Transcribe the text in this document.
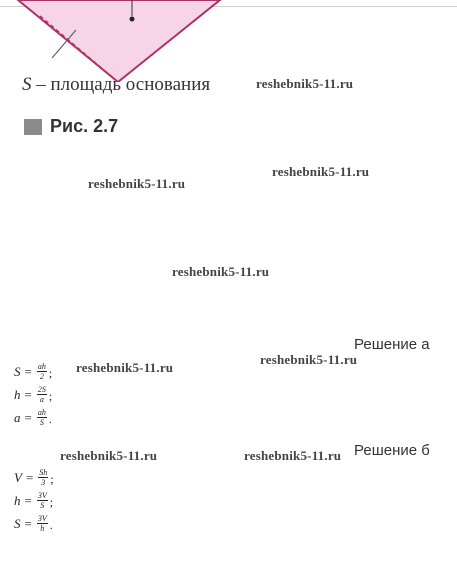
S – площадь основания
Рис. 2.7
reshebnik5-11.ru
reshebnik5-11.ru
reshebnik5-11.ru
reshebnik5-11.ru
reshebnik5-11.ru
reshebnik5-11.ru
reshebnik5-11.ru	reshebnik5-11.ru
Решение а
$S = \frac{ah}{2}$ ;
$h = \frac{2S}{a}$ ;
$a = \frac{ah}{S}$ .
Решение б
$V = \frac{Sh}{3}$ ;
$h = \frac{3V}{S}$ ;
$S = \frac{3V}{h}$ .
